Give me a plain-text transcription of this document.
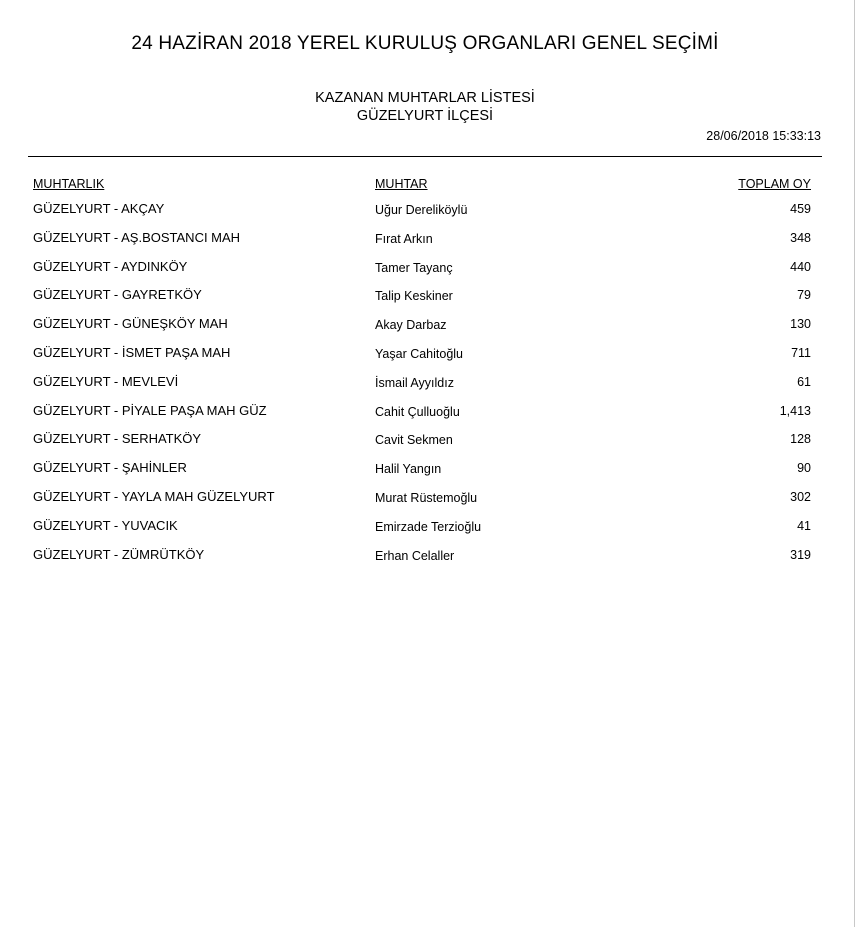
24 HAZİRAN 2018 YEREL KURULUŞ ORGANLARI GENEL SEÇİMİ
KAZANAN MUHTARLAR LİSTESİ
GÜZELYURT İLÇESİ
28/06/2018 15:33:13
MUHTARLIK	MUHTAR	TOPLAM OY
GÜZELYURT - AKÇAY	Uğur Dereliköylü	459
GÜZELYURT - AŞ.BOSTANCI MAH	Fırat Arkın	348
GÜZELYURT - AYDINKÖY	Tamer Tayanç	440
GÜZELYURT - GAYRETKÖY	Talip Keskiner	79
GÜZELYURT - GÜNEŞKÖY MAH	Akay Darbaz	130
GÜZELYURT - İSMET PAŞA MAH	Yaşar Cahitoğlu	711
GÜZELYURT - MEVLEVİ	İsmail Ayyıldız	61
GÜZELYURT - PİYALE PAŞA MAH GÜZ	Cahit Çulluoğlu	1,413
GÜZELYURT - SERHATKÖY	Cavit Sekmen	128
GÜZELYURT - ŞAHİNLER	Halil Yangın	90
GÜZELYURT - YAYLA MAH GÜZELYURT	Murat Rüstemoğlu	302
GÜZELYURT - YUVACIK	Emirzade Terzioğlu	41
GÜZELYURT - ZÜMRÜTKÖY	Erhan Celaller	319
